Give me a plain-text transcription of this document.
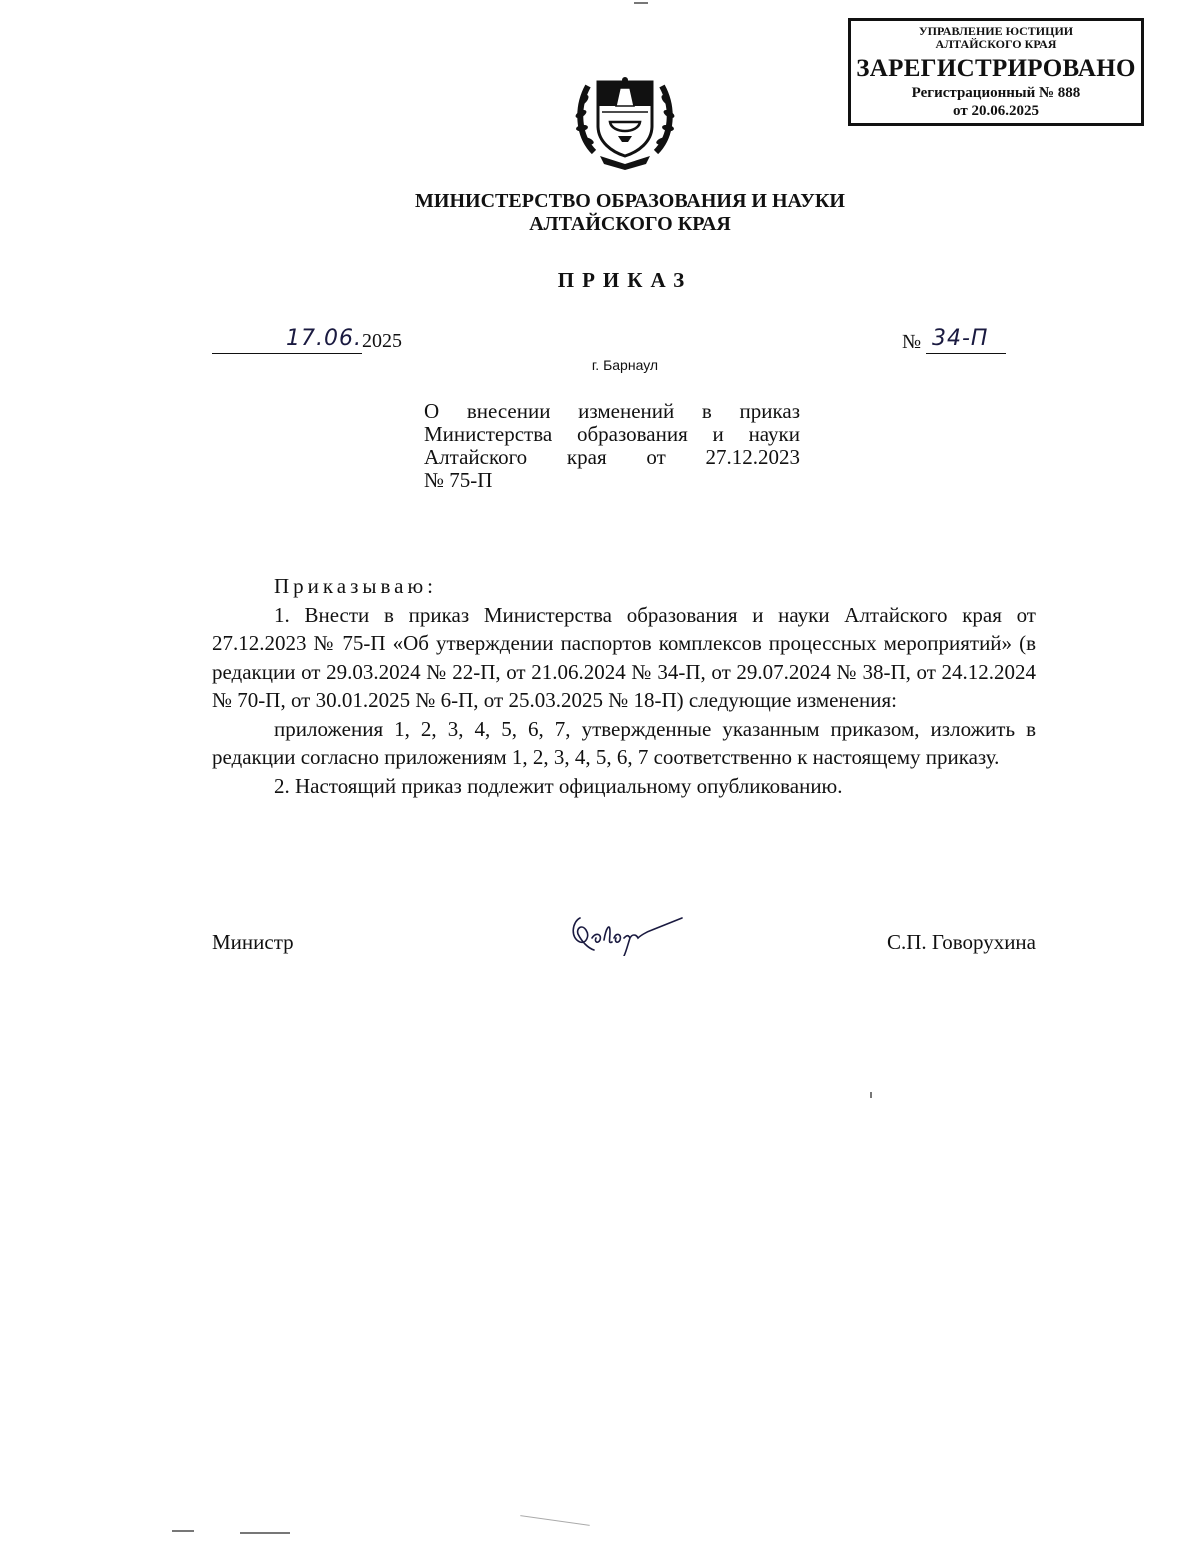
УПРАВЛЕНИЕ ЮСТИЦИИ
АЛТАЙСКОГО КРАЯ
ЗАРЕГИСТРИРОВАНО
Регистрационный № 888
от 20.06.2025
МИНИСТЕРСТВО ОБРАЗОВАНИЯ И НАУКИ
АЛТАЙСКОГО КРАЯ
ПРИКАЗ
17.06. 2025	№ 34-П
г. Барнаул
О внесении изменений в приказ
Министерства образования и науки
Алтайского края от 27.12.2023
№ 75-П

Приказываю:

1. Внести в приказ Министерства образования и науки Алтайского края от 27.12.2023 № 75-П «Об утверждении паспортов комплексов процессных мероприятий» (в редакции от 29.03.2024 № 22-П, от 21.06.2024 № 34-П, от 29.07.2024 № 38-П, от 24.12.2024 № 70-П, от 30.01.2025 № 6-П, от 25.03.2025 № 18-П) следующие изменения:

приложения 1, 2, 3, 4, 5, 6, 7, утвержденные указанным приказом, изложить в редакции согласно приложениям 1, 2, 3, 4, 5, 6, 7 соответственно к настоящему приказу.

2. Настоящий приказ подлежит официальному опубликованию.

Министр	С.П. Говорухина
